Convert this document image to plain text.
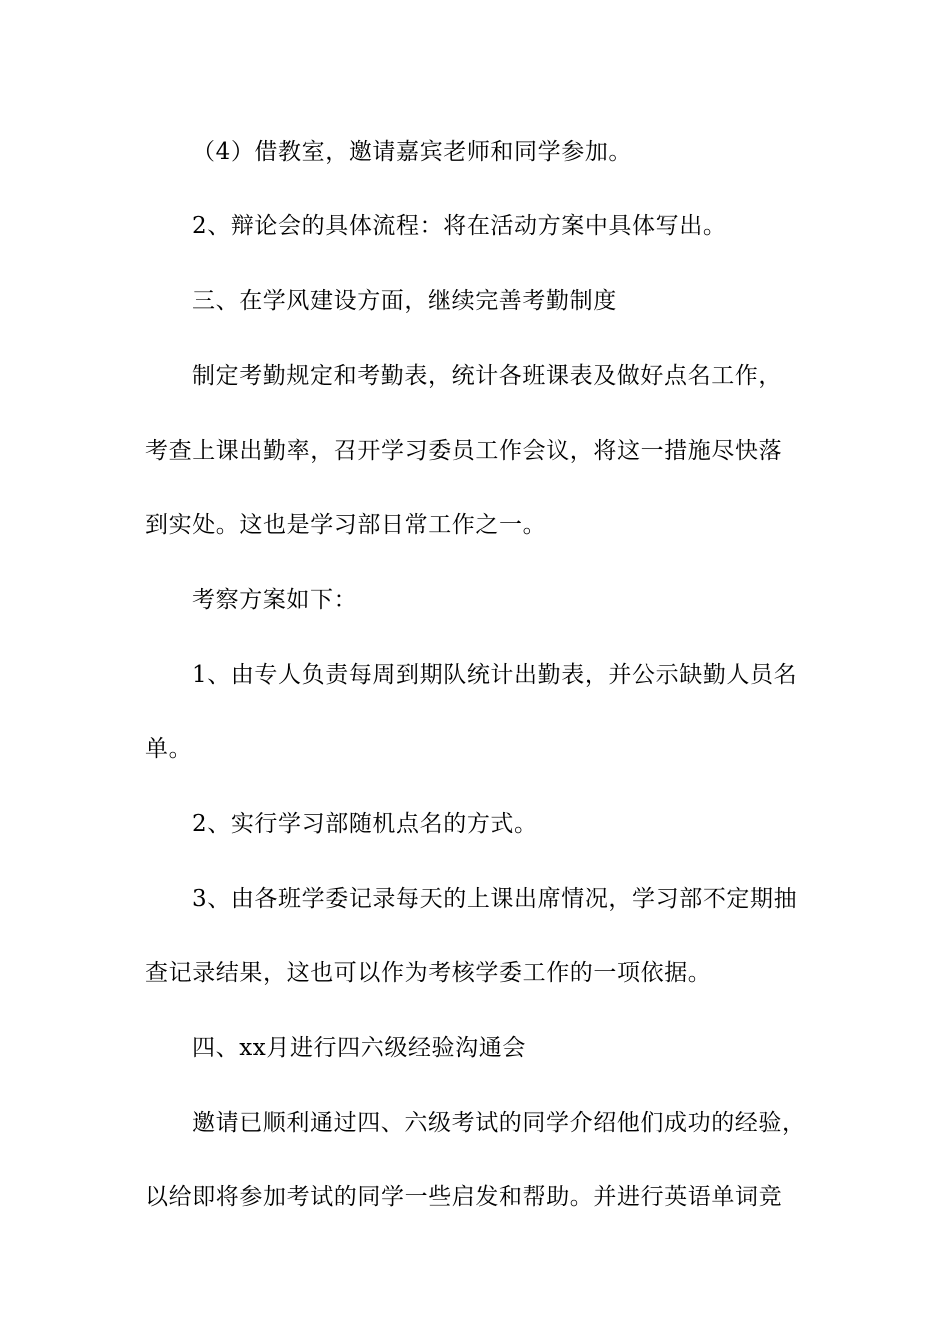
（4）借教室，邀请嘉宾老师和同学参加。
2、辩论会的具体流程：将在活动方案中具体写出。
三、在学风建设方面，继续完善考勤制度
制定考勤规定和考勤表，统计各班课表及做好点名工作，
考查上课出勤率，召开学习委员工作会议，将这一措施尽快落
到实处。这也是学习部日常工作之一。
考察方案如下：
1、由专人负责每周到期队统计出勤表，并公示缺勤人员名
单。
2、实行学习部随机点名的方式。
3、由各班学委记录每天的上课出席情况，学习部不定期抽
查记录结果，这也可以作为考核学委工作的一项依据。
四、xx月进行四六级经验沟通会
邀请已顺利通过四、六级考试的同学介绍他们成功的经验，
以给即将参加考试的同学一些启发和帮助。并进行英语单词竞
